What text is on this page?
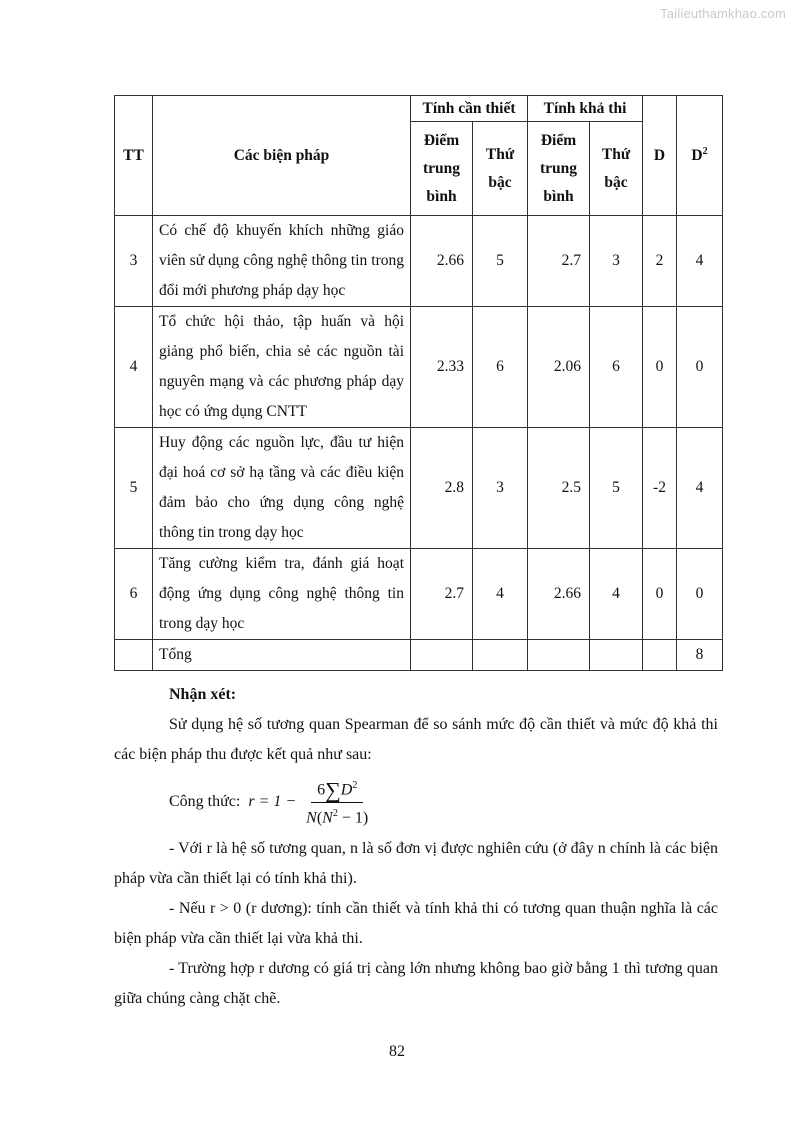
Tailieuthamkhao.com
TT	Các biện pháp	Tính cần thiết		Tính khả thi		D	$D^2$
		Điểm trung bình	Thứ bậc	Điểm trung bình	Thứ bậc		
3	Có chế độ khuyến khích những giáo viên sử dụng công nghệ thông tin trong đổi mới phương pháp dạy học	2.66	5	2.7	3	2	4
4	Tổ chức hội thảo, tập huấn và hội giảng phổ biến, chia sẻ các nguồn tài nguyên mạng và các phương pháp dạy học có ứng dụng CNTT	2.33	6	2.06	6	0	0
5	Huy động các nguồn lực, đầu tư hiện đại hoá cơ sở hạ tầng và các điều kiện đảm bảo cho ứng dụng công nghệ thông tin trong dạy học	2.8	3	2.5	5	-2	4
6	Tăng cường kiểm tra, đánh giá hoạt động ứng dụng công nghệ thông tin trong dạy học	2.7	4	2.66	4	0	0
	Tổng						8

Nhận xét:

Sử dụng hệ số tương quan Spearman để so sánh mức độ cần thiết và mức độ khả thi các biện pháp thu được kết quả như sau:

Công thức: $r = 1 - \frac{6\sum D^2}{N(N^2 - 1)}$

- Với r là hệ số tương quan, n là số đơn vị được nghiên cứu (ở đây n chính là các biện pháp vừa cần thiết lại có tính khả thi).

- Nếu r > 0 (r dương): tính cần thiết và tính khả thi có tương quan thuận nghĩa là các biện pháp vừa cần thiết lại vừa khả thi.

- Trường hợp r dương có giá trị càng lớn nhưng không bao giờ bằng 1 thì tương quan giữa chúng càng chặt chẽ.

82
